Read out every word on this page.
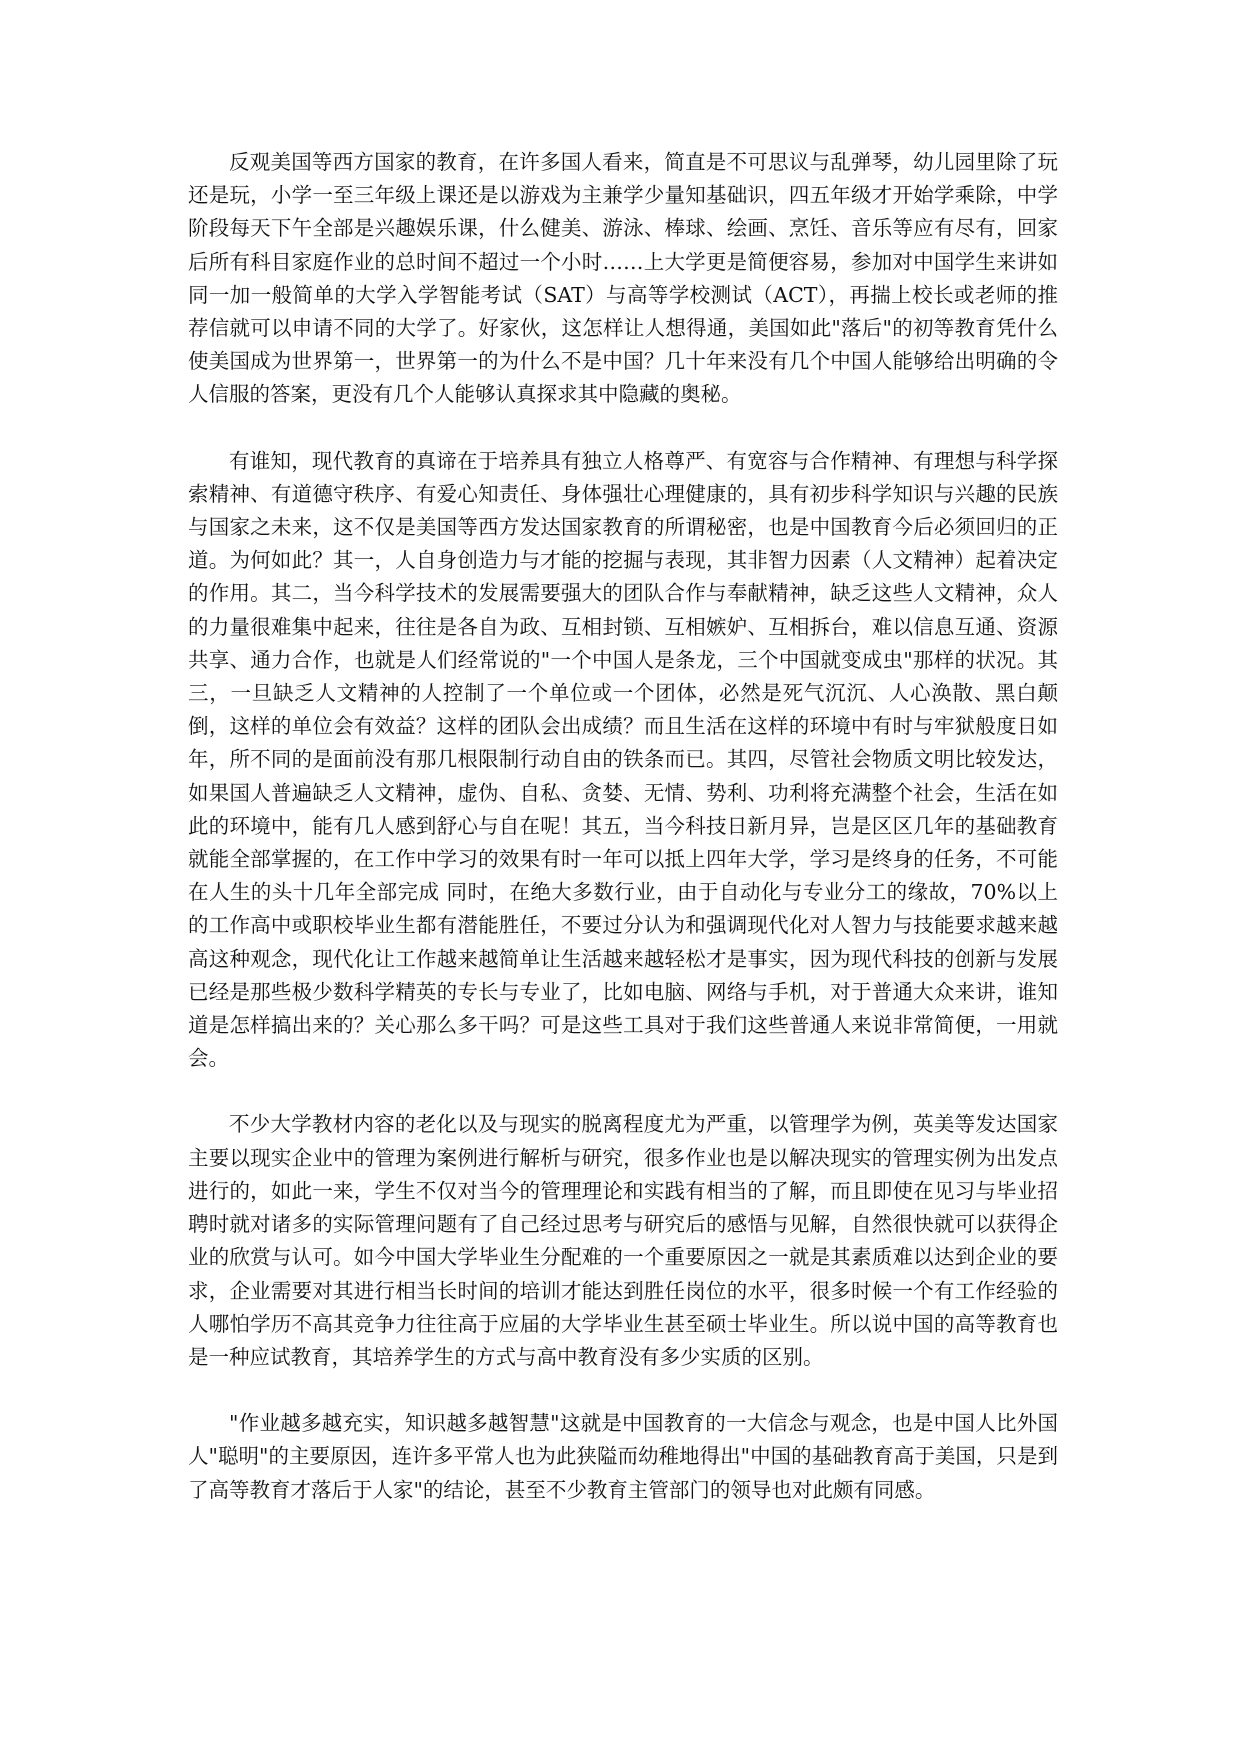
反观美国等西方国家的教育，在许多国人看来，简直是不可思议与乱弹琴，幼儿园里除了玩还是玩，小学一至三年级上课还是以游戏为主兼学少量知基础识，四五年级才开始学乘除，中学阶段每天下午全部是兴趣娱乐课，什么健美、游泳、棒球、绘画、烹饪、音乐等应有尽有，回家后所有科目家庭作业的总时间不超过一个小时……上大学更是简便容易，参加对中国学生来讲如同一加一般简单的大学入学智能考试（SAT）与高等学校测试（ACT），再揣上校长或老师的推荐信就可以申请不同的大学了。好家伙，这怎样让人想得通，美国如此"落后"的初等教育凭什么使美国成为世界第一，世界第一的为什么不是中国？几十年来没有几个中国人能够给出明确的令人信服的答案，更没有几个人能够认真探求其中隐藏的奥秘。

有谁知，现代教育的真谛在于培养具有独立人格尊严、有宽容与合作精神、有理想与科学探索精神、有道德守秩序、有爱心知责任、身体强壮心理健康的，具有初步科学知识与兴趣的民族与国家之未来，这不仅是美国等西方发达国家教育的所谓秘密，也是中国教育今后必须回归的正道。为何如此？其一，人自身创造力与才能的挖掘与表现，其非智力因素（人文精神）起着决定的作用。其二，当今科学技术的发展需要强大的团队合作与奉献精神，缺乏这些人文精神，众人的力量很难集中起来，往往是各自为政、互相封锁、互相嫉妒、互相拆台，难以信息互通、资源共享、通力合作，也就是人们经常说的"一个中国人是条龙，三个中国就变成虫"那样的状况。其三，一旦缺乏人文精神的人控制了一个单位或一个团体，必然是死气沉沉、人心涣散、黑白颠倒，这样的单位会有效益？这样的团队会出成绩？而且生活在这样的环境中有时与牢狱般度日如年，所不同的是面前没有那几根限制行动自由的铁条而已。其四，尽管社会物质文明比较发达，如果国人普遍缺乏人文精神，虚伪、自私、贪婪、无情、势利、功利将充满整个社会，生活在如此的环境中，能有几人感到舒心与自在呢！其五，当今科技日新月异，岂是区区几年的基础教育就能全部掌握的，在工作中学习的效果有时一年可以抵上四年大学，学习是终身的任务，不可能在人生的头十几年全部完成 同时，在绝大多数行业，由于自动化与专业分工的缘故，70%以上的工作高中或职校毕业生都有潜能胜任，不要过分认为和强调现代化对人智力与技能要求越来越高这种观念，现代化让工作越来越简单让生活越来越轻松才是事实，因为现代科技的创新与发展已经是那些极少数科学精英的专长与专业了，比如电脑、网络与手机，对于普通大众来讲，谁知道是怎样搞出来的？关心那么多干吗？可是这些工具对于我们这些普通人来说非常简便，一用就会。

不少大学教材内容的老化以及与现实的脱离程度尤为严重，以管理学为例，英美等发达国家主要以现实企业中的管理为案例进行解析与研究，很多作业也是以解决现实的管理实例为出发点进行的，如此一来，学生不仅对当今的管理理论和实践有相当的了解，而且即使在见习与毕业招聘时就对诸多的实际管理问题有了自己经过思考与研究后的感悟与见解，自然很快就可以获得企业的欣赏与认可。如今中国大学毕业生分配难的一个重要原因之一就是其素质难以达到企业的要求，企业需要对其进行相当长时间的培训才能达到胜任岗位的水平，很多时候一个有工作经验的人哪怕学历不高其竞争力往往高于应届的大学毕业生甚至硕士毕业生。所以说中国的高等教育也是一种应试教育，其培养学生的方式与高中教育没有多少实质的区别。

"作业越多越充实，知识越多越智慧"这就是中国教育的一大信念与观念，也是中国人比外国人"聪明"的主要原因，连许多平常人也为此狭隘而幼稚地得出"中国的基础教育高于美国，只是到了高等教育才落后于人家"的结论，甚至不少教育主管部门的领导也对此颇有同感。
